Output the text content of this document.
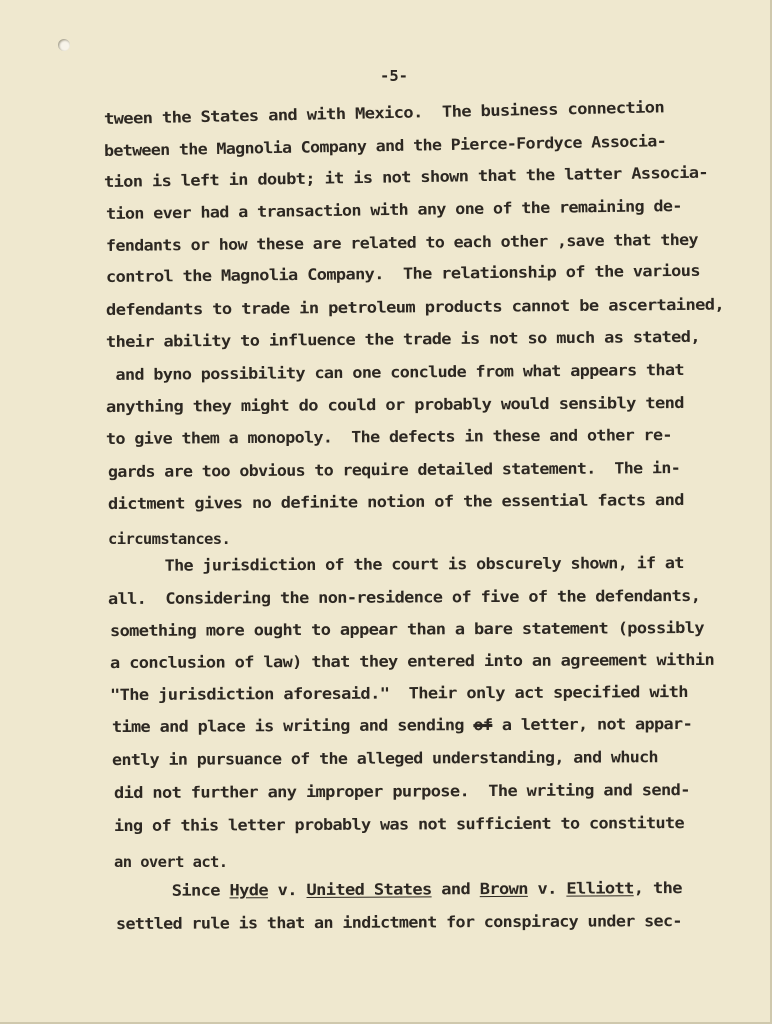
-5-
tween the States and with Mexico.  The business connection
between the Magnolia Company and the Pierce-Fordyce Associa-
tion is left in doubt; it is not shown that the latter Associa-
tion ever had a transaction with any one of the remaining de-
fendants or how these are related to each other ,save that they
control the Magnolia Company.  The relationship of the various
defendants to trade in petroleum products cannot be ascertained,
their ability to influence the trade is not so much as stated,
and byno possibility can one conclude from what appears that
anything they might do could or probably would sensibly tend
to give them a monopoly.  The defects in these and other re-
gards are too obvious to require detailed statement.  The in-
dictment gives no definite notion of the essential facts and
circumstances.
The jurisdiction of the court is obscurely shown, if at
all.  Considering the non-residence of five of the defendants,
something more ought to appear than a bare statement (possibly
a conclusion of law) that they entered into an agreement within
"The jurisdiction aforesaid."  Their only act specified with
time and place is writing and sending of a letter, not appar-
ently in pursuance of the alleged understanding, and whuch
did not further any improper purpose.  The writing and send-
ing of this letter probably was not sufficient to constitute
an overt act.
Since Hyde v. United States and Brown v. Elliott, the
settled rule is that an indictment for conspiracy under sec-
